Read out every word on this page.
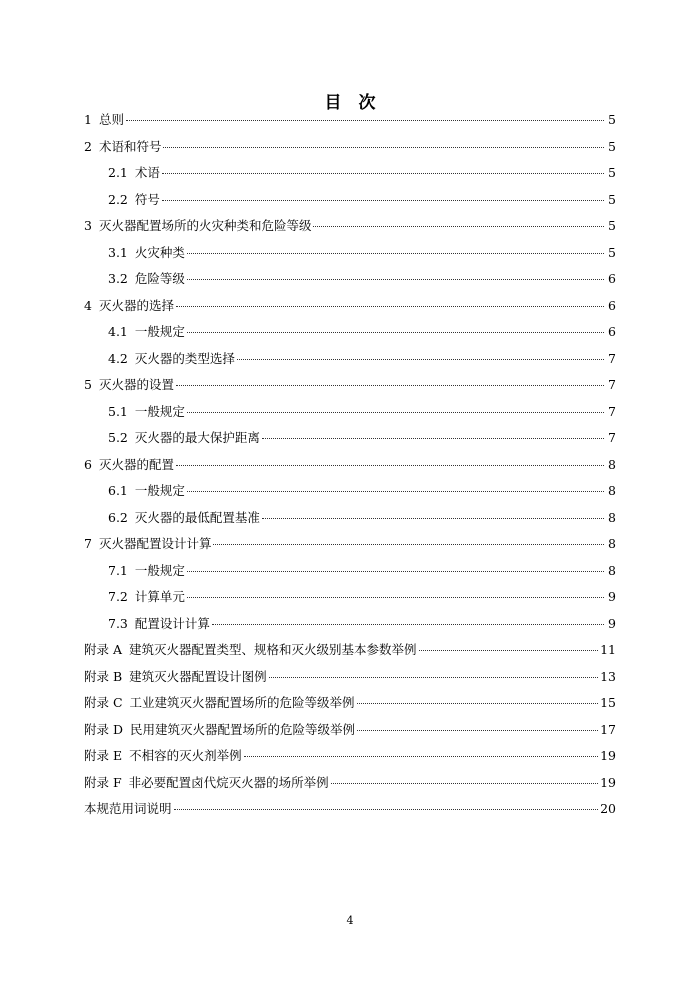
目　次
1 总则	5
2 术语和符号	5
2.1 术语	5
2.2 符号	5
3 灭火器配置场所的火灾种类和危险等级	5
3.1 火灾种类	5
3.2 危险等级	6
4 灭火器的选择	6
4.1 一般规定	6
4.2 灭火器的类型选择	7
5 灭火器的设置	7
5.1 一般规定	7
5.2 灭火器的最大保护距离	7
6 灭火器的配置	8
6.1 一般规定	8
6.2 灭火器的最低配置基准	8
7 灭火器配置设计计算	8
7.1 一般规定	8
7.2 计算单元	9
7.3 配置设计计算	9
附录 A 建筑灭火器配置类型、规格和灭火级别基本参数举例	11
附录 B 建筑灭火器配置设计图例	13
附录 C 工业建筑灭火器配置场所的危险等级举例	15
附录 D 民用建筑灭火器配置场所的危险等级举例	17
附录 E 不相容的灭火剂举例	19
附录 F 非必要配置卤代烷灭火器的场所举例	19
本规范用词说明	20
4
